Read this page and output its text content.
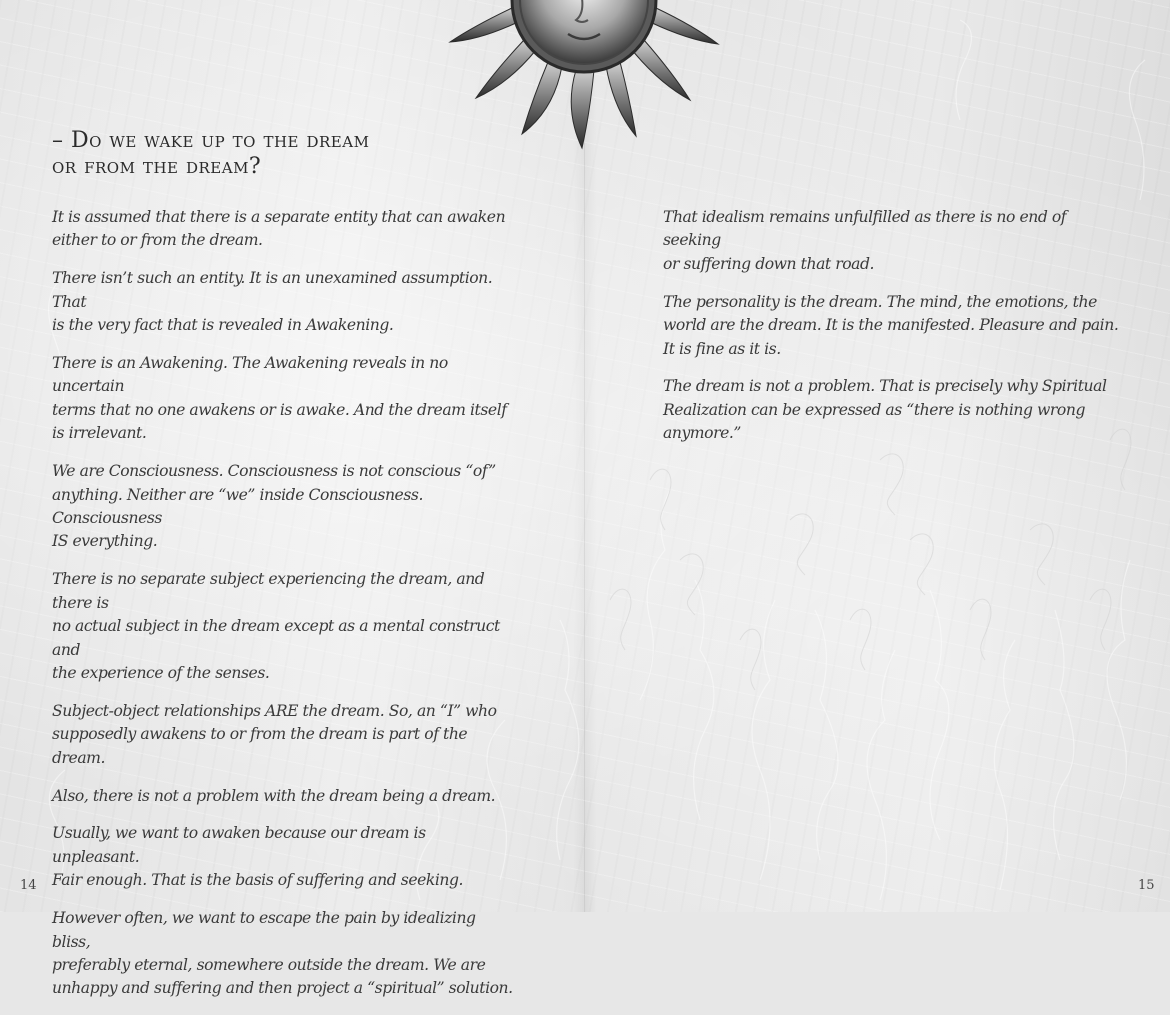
– Do we wake up to the dream
or from the dream?

It is assumed that there is a separate entity that can awaken
either to or from the dream.

There isn’t such an entity. It is an unexamined assumption. That
is the very fact that is revealed in Awakening.

There is an Awakening. The Awakening reveals in no uncertain
terms that no one awakens or is awake. And the dream itself
is irrelevant.

We are Consciousness. Consciousness is not conscious “of”
anything. Neither are “we” inside Consciousness. Consciousness
IS everything.

There is no separate subject experiencing the dream, and there is
no actual subject in the dream except as a mental construct and
the experience of the senses.

Subject-object relationships ARE the dream. So, an “I” who
supposedly awakens to or from the dream is part of the dream.

Also, there is not a problem with the dream being a dream.

Usually, we want to awaken because our dream is unpleasant.
Fair enough. That is the basis of suffering and seeking.

However often, we want to escape the pain by idealizing bliss,
preferably eternal, somewhere outside the dream. We are
unhappy and suffering and then project a “spiritual” solution.

That idealism remains unfulfilled as there is no end of seeking
or suffering down that road.

The personality is the dream. The mind, the emotions, the
world are the dream. It is the manifested. Pleasure and pain.
It is fine as it is.

The dream is not a problem. That is precisely why Spiritual
Realization can be expressed as “there is nothing wrong anymore.”

14	15
